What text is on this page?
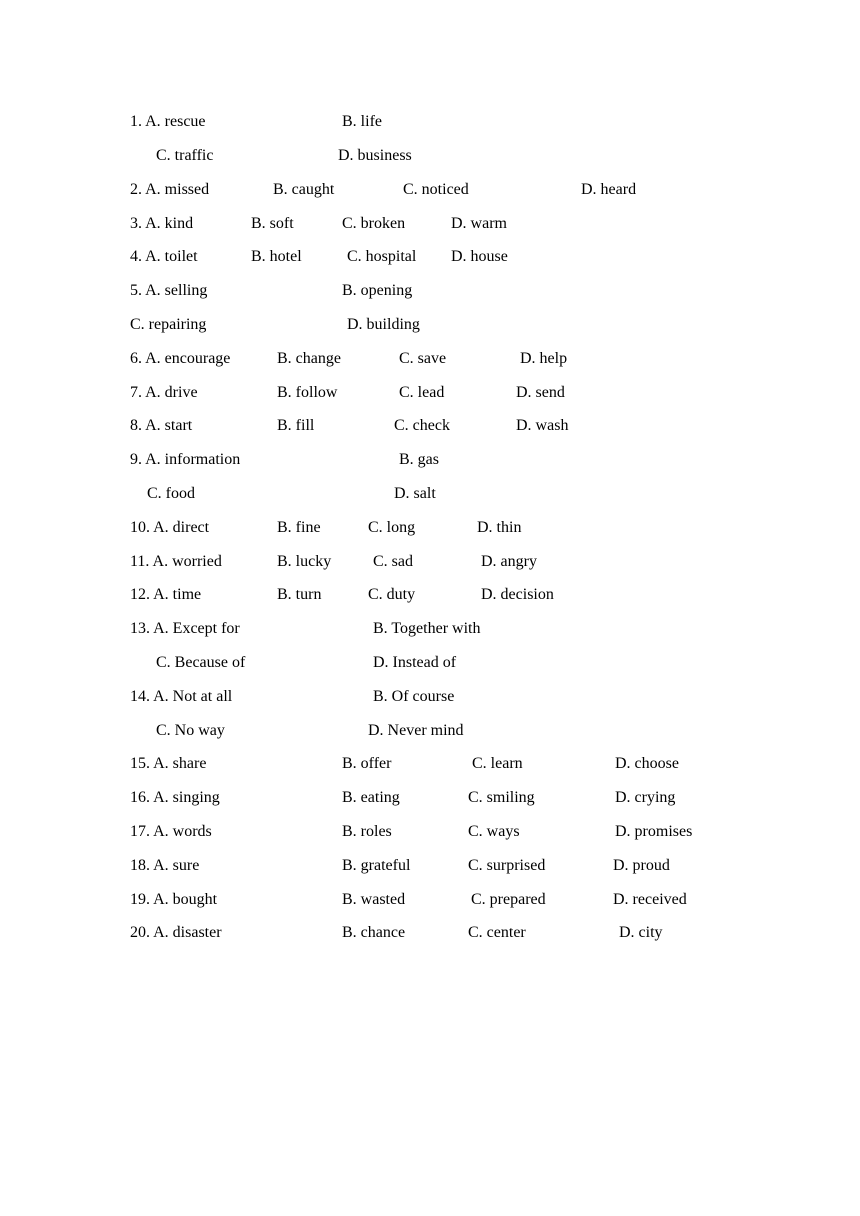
1. A. rescue	B. life
C. traffic	D. business
2. A. missed	B. caught	C. noticed	D. heard
3. A. kind	B. soft	C. broken	D. warm
4. A. toilet	B. hotel	C. hospital D. house
5. A. selling	B. opening
C. repairing	D. building
6. A. encourage	B. change	C. save	D. help
7. A. drive	B. follow	C. lead	D. send
8. A. start	B. fill	C. check	D. wash
9. A. information	B. gas
C. food	D. salt
10. A. direct	B. fine	C. long	D. thin
11. A. worried	B. lucky	C. sad	D. angry
12. A. time	B. turn	C. duty	D. decision
13. A. Except for	B. Together with
C. Because of	D. Instead of
14. A. Not at all	B. Of course
C. No way	D. Never mind
15. A. share	B. offer	C. learn	D. choose
16. A. singing	B. eating	C. smiling	D. crying
17. A. words	B. roles	C. ways	D. promises
18. A. sure	B. grateful	C. surprised	D. proud
19. A. bought	B. wasted	C. prepared	D. received
20. A. disaster	B. chance	C. center	D. city
